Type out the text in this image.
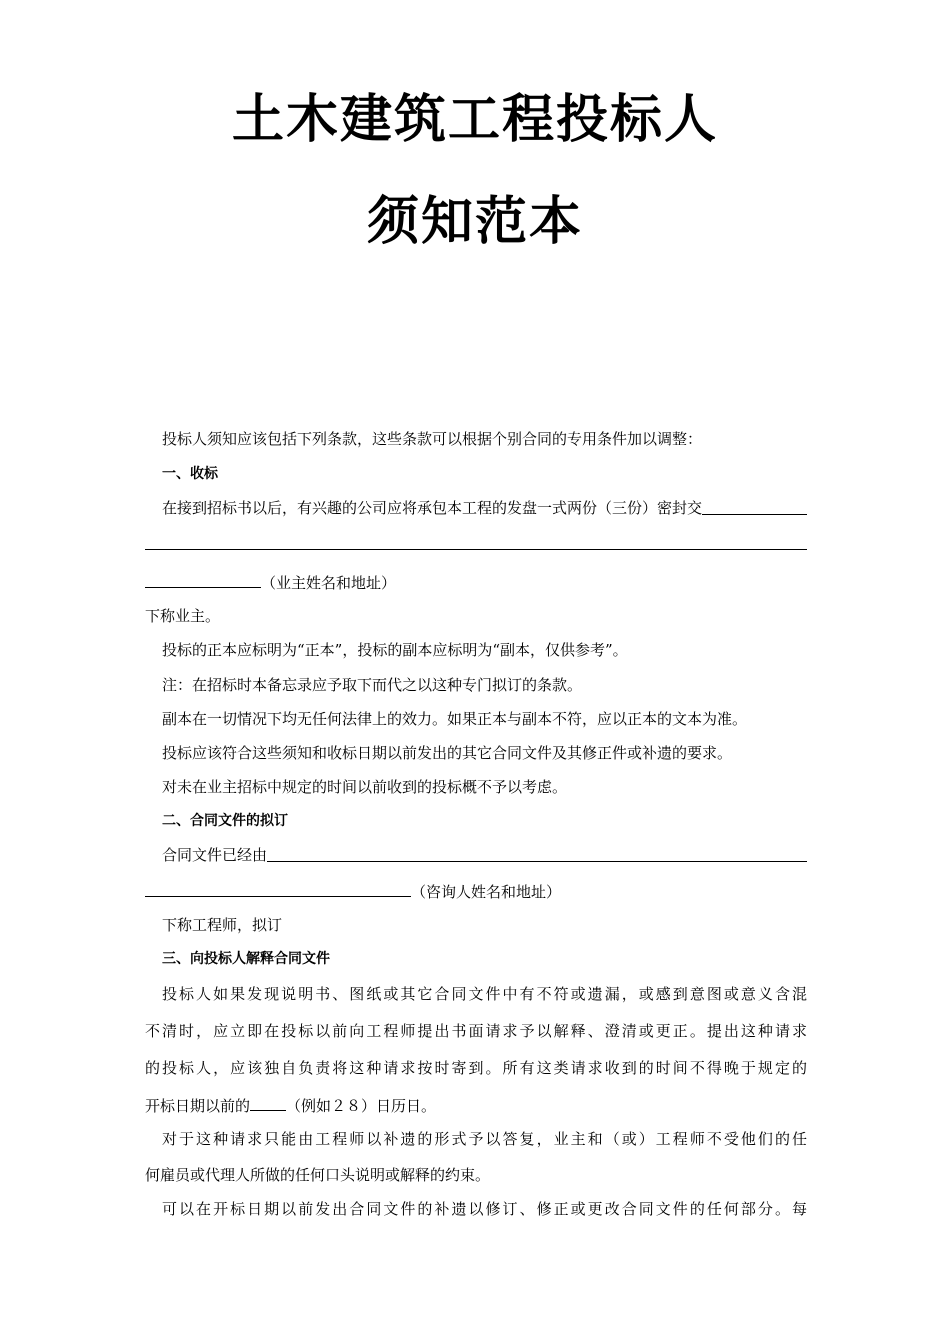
土木建筑工程投标人
须知范本
投标人须知应该包括下列条款，这些条款可以根据个别合同的专用条件加以调整：
一、收标
在接到招标书以后，有兴趣的公司应将承包本工程的发盘一式两份（三份）密封交
（业主姓名和地址）
下称业主。
投标的正本应标明为“正本”，投标的副本应标明为“副本，仅供参考”。
注：在招标时本备忘录应予取下而代之以这种专门拟订的条款。
副本在一切情况下均无任何法律上的效力。如果正本与副本不符，应以正本的文本为准。
投标应该符合这些须知和收标日期以前发出的其它合同文件及其修正件或补遗的要求。
对未在业主招标中规定的时间以前收到的投标概不予以考虑。
二、合同文件的拟订
合同文件已经由
（咨询人姓名和地址）
下称工程师，拟订
三、向投标人解释合同文件
投标人如果发现说明书、图纸或其它合同文件中有不符或遗漏，或感到意图或意义含混
不清时，应立即在投标以前向工程师提出书面请求予以解释、澄清或更正。提出这种请求
的投标人，应该独自负责将这种请求按时寄到。所有这类请求收到的时间不得晚于规定的
开标日期以前的 （例如２８）日历日。
对于这种请求只能由工程师以补遗的形式予以答复，业主和（或）工程师不受他们的任
何雇员或代理人所做的任何口头说明或解释的约束。
可以在开标日期以前发出合同文件的补遗以修订、修正或更改合同文件的任何部分。每
